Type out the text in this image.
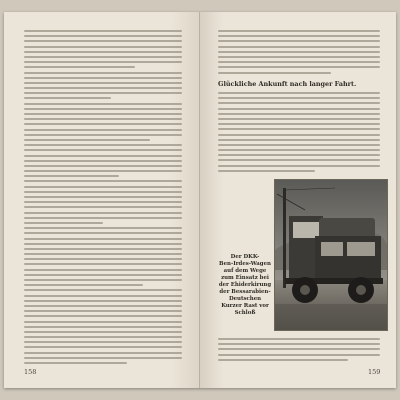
158
Glückliche Ankunft nach langer Fahrt.
Der DKK-
Ben-Irdes-Wagen
auf dem Wege
zum Einsatz bei
der Ehiderkirung
der Bessarabien-
Deutschen
Kurzer Rast vor
Schloß
159
